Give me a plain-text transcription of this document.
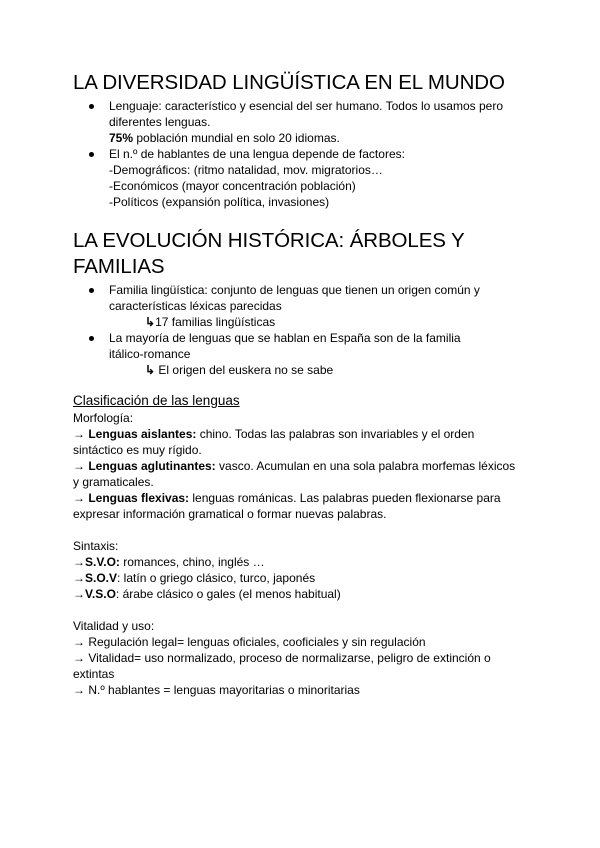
LA DIVERSIDAD LINGÜÍSTICA EN EL MUNDO
Lenguaje: característico y esencial del ser humano. Todos lo usamos pero
diferentes lenguas.
75% población mundial en solo 20 idiomas.
El n.º de hablantes de una lengua depende de factores:
-Demográficos: (ritmo natalidad, mov. migratorios…
-Económicos (mayor concentración población)
-Políticos (expansión política, invasiones)
LA EVOLUCIÓN HISTÓRICA: ÁRBOLES Y
FAMILIAS
Familia lingüística: conjunto de lenguas que tienen un origen común y
características léxicas parecidas
↳17 familias lingüísticas
La mayoría de lenguas que se hablan en España son de la familia
itálico-romance
↳ El origen del euskera no se sabe
Clasificación de las lenguas

Morfología:

→ Lenguas aislantes: chino. Todas las palabras son invariables y el orden

sintáctico es muy rígido.

→ Lenguas aglutinantes: vasco. Acumulan en una sola palabra morfemas léxicos

y gramaticales.

→ Lenguas flexivas: lenguas románicas. Las palabras pueden flexionarse para

expresar información gramatical o formar nuevas palabras.

Sintaxis:

→S.V.O: romances, chino, inglés …

→S.O.V: latín o griego clásico, turco, japonés

→V.S.O: árabe clásico o gales (el menos habitual)

Vitalidad y uso:

→ Regulación legal= lenguas oficiales, cooficiales y sin regulación

→ Vitalidad= uso normalizado, proceso de normalizarse, peligro de extinción o

extintas

→ N.º hablantes = lenguas mayoritarias o minoritarias
